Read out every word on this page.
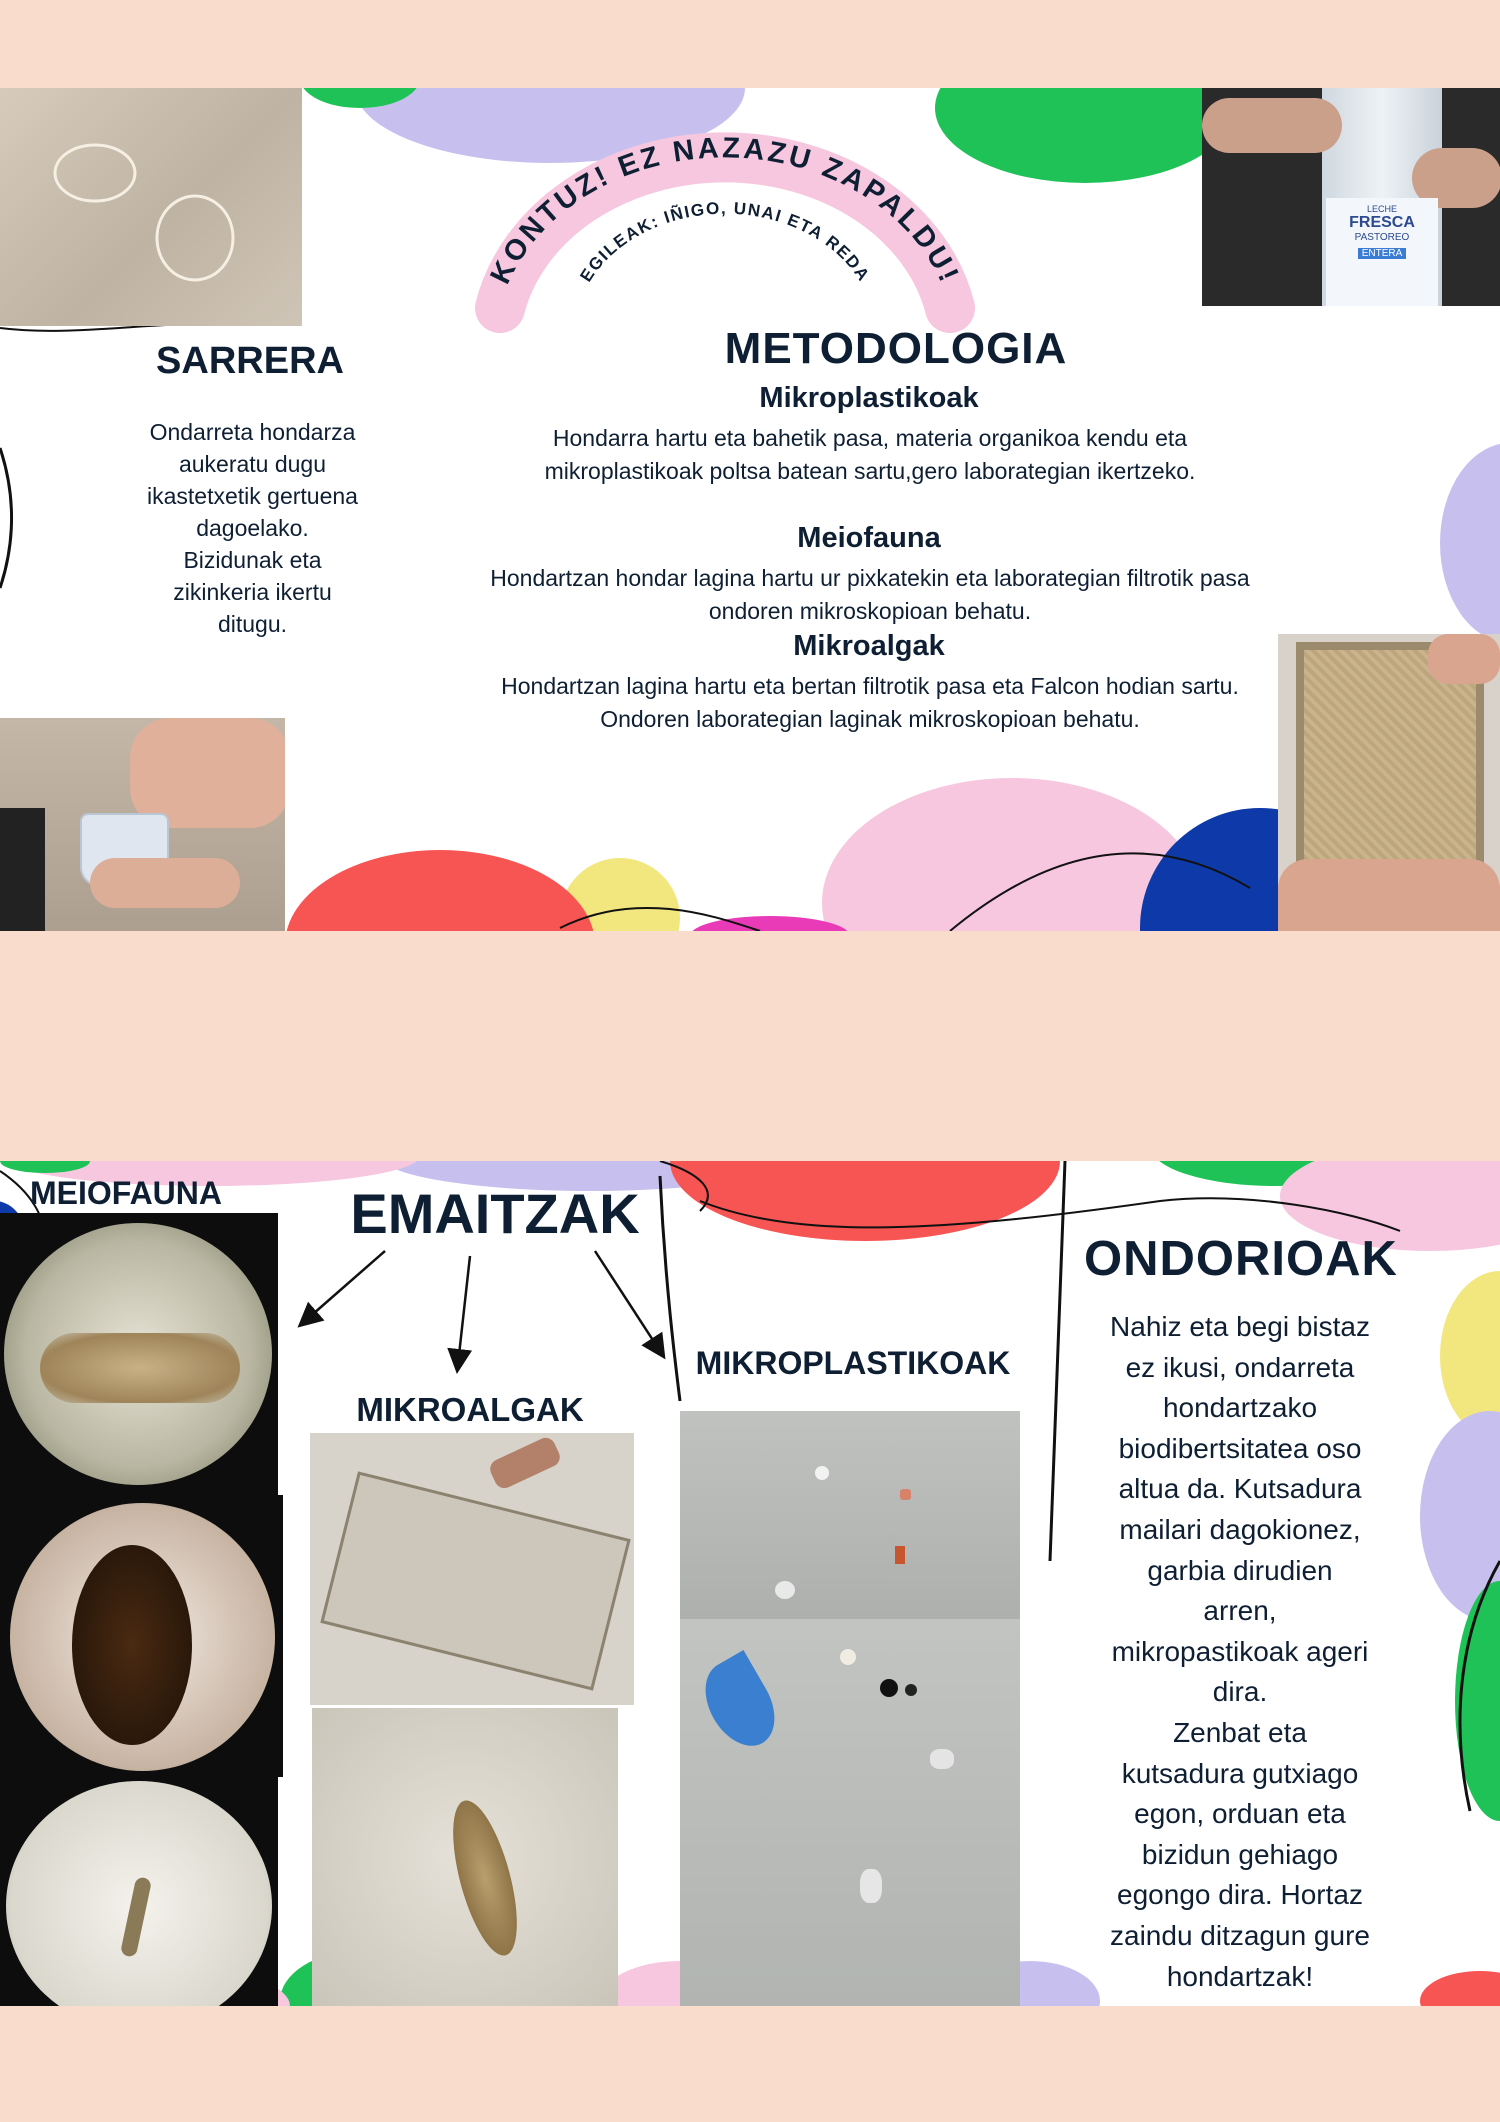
LECHE
FRESCA
PASTOREO
ENTERA
KONTUZ! EZ NAZAZU ZAPALDU!
EGILEAK: IÑIGO, UNAI ETA REDA
SARRERA

Ondarreta hondarza
aukeratu dugu
ikastetxetik gertuena
dagoelako.
Bizidunak eta
zikinkeria ikertu
ditugu.

METODOLOGIA
Mikroplastikoak

Hondarra hartu eta bahetik pasa, materia organikoa kendu eta
mikroplastikoak poltsa batean sartu,gero laborategian ikertzeko.

Meiofauna

Hondartzan hondar lagina hartu ur pixkatekin eta laborategian filtrotik pasa
ondoren mikroskopioan behatu.

Mikroalgak

Hondartzan lagina hartu eta bertan filtrotik pasa eta Falcon hodian sartu.
Ondoren laborategian laginak mikroskopioan behatu.

MEIOFAUNA	EMAITZAK
MIKROALGAK
MIKROPLASTIKOAK
ONDORIOAK

Nahiz eta begi bistaz
ez ikusi, ondarreta
hondartzako
biodibertsitatea oso
altua da. Kutsadura
mailari dagokionez,
garbia dirudien
arren,
mikropastikoak ageri
dira.
Zenbat eta
kutsadura gutxiago
egon, orduan eta
bizidun gehiago
egongo dira. Hortaz
zaindu ditzagun gure
hondartzak!
